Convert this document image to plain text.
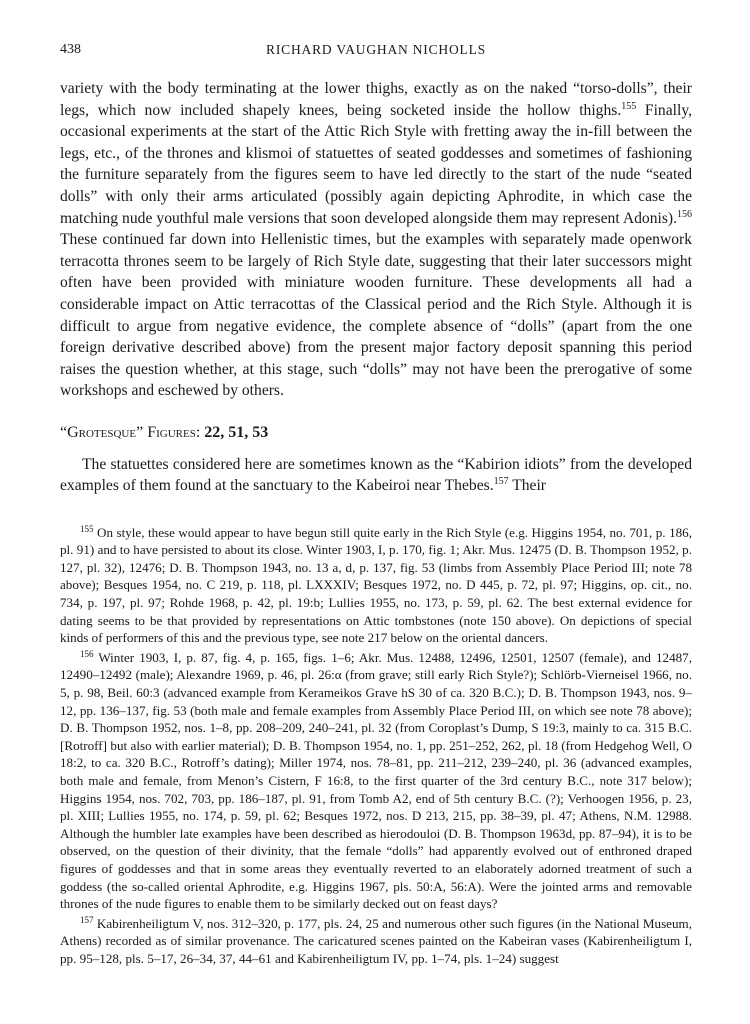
438	RICHARD VAUGHAN NICHOLLS

variety with the body terminating at the lower thighs, exactly as on the naked “torso-dolls”, their legs, which now included shapely knees, being socketed inside the hollow thighs.$^{155}$ Finally, occasional experiments at the start of the Attic Rich Style with fretting away the in-fill between the legs, etc., of the thrones and klismoi of statuettes of seated goddesses and sometimes of fashioning the furniture separately from the figures seem to have led directly to the start of the nude “seated dolls” with only their arms articulated (possibly again depicting Aphrodite, in which case the matching nude youthful male versions that soon developed alongside them may represent Adonis).$^{156}$ These continued far down into Hellenistic times, but the examples with separately made openwork terracotta thrones seem to be largely of Rich Style date, suggesting that their later successors might often have been provided with miniature wooden furniture. These developments all had a considerable impact on Attic terracottas of the Classical period and the Rich Style. Although it is difficult to argue from negative evidence, the complete absence of “dolls” (apart from the one foreign derivative described above) from the present major factory deposit spanning this period raises the question whether, at this stage, such “dolls” may not have been the prerogative of some workshops and eschewed by others.

“Grotesque” Figures: 22, 51, 53

The statuettes considered here are sometimes known as the “Kabirion idiots” from the developed examples of them found at the sanctuary to the Kabeiroi near Thebes.$^{157}$ Their

$^{155}$ On style, these would appear to have begun still quite early in the Rich Style (e.g. Higgins 1954, no. 701, p. 186, pl. 91) and to have persisted to about its close. Winter 1903, I, p. 170, fig. 1; Akr. Mus. 12475 (D. B. Thompson 1952, p. 127, pl. 32), 12476; D. B. Thompson 1943, no. 13 a, d, p. 137, fig. 53 (limbs from Assembly Place Period III; note 78 above); Besques 1954, no. C 219, p. 118, pl. LXXXIV; Besques 1972, no. D 445, p. 72, pl. 97; Higgins, op. cit., no. 734, p. 197, pl. 97; Rohde 1968, p. 42, pl. 19:b; Lullies 1955, no. 173, p. 59, pl. 62. The best external evidence for dating seems to be that provided by representations on Attic tombstones (note 150 above). On depictions of special kinds of performers of this and the previous type, see note 217 below on the oriental dancers.

$^{156}$ Winter 1903, I, p. 87, fig. 4, p. 165, figs. 1–6; Akr. Mus. 12488, 12496, 12501, 12507 (female), and 12487, 12490–12492 (male); Alexandre 1969, p. 46, pl. 26:α (from grave; still early Rich Style?); Schlörb-Vierneisel 1966, no. 5, p. 98, Beil. 60:3 (advanced example from Kerameikos Grave hS 30 of ca. 320 B.C.); D. B. Thompson 1943, nos. 9–12, pp. 136–137, fig. 53 (both male and female examples from Assembly Place Period III, on which see note 78 above); D. B. Thompson 1952, nos. 1–8, pp. 208–209, 240–241, pl. 32 (from Coroplast’s Dump, S 19:3, mainly to ca. 315 B.C. [Rotroff] but also with earlier material); D. B. Thompson 1954, no. 1, pp. 251–252, 262, pl. 18 (from Hedgehog Well, O 18:2, to ca. 320 B.C., Rotroff’s dating); Miller 1974, nos. 78–81, pp. 211–212, 239–240, pl. 36 (advanced examples, both male and female, from Menon’s Cistern, F 16:8, to the first quarter of the 3rd century B.C., note 317 below); Higgins 1954, nos. 702, 703, pp. 186–187, pl. 91, from Tomb A2, end of 5th century B.C. (?); Verhoogen 1956, p. 23, pl. XIII; Lullies 1955, no. 174, p. 59, pl. 62; Besques 1972, nos. D 213, 215, pp. 38–39, pl. 47; Athens, N.M. 12988. Although the humbler late examples have been described as hierodouloi (D. B. Thompson 1963d, pp. 87–94), it is to be observed, on the question of their divinity, that the female “dolls” had apparently evolved out of enthroned draped figures of goddesses and that in some areas they eventually reverted to an elaborately adorned treatment of such a goddess (the so-called oriental Aphrodite, e.g. Higgins 1967, pls. 50:A, 56:A). Were the jointed arms and removable thrones of the nude figures to enable them to be similarly decked out on feast days?

$^{157}$ Kabirenheiligtum V, nos. 312–320, p. 177, pls. 24, 25 and numerous other such figures (in the National Museum, Athens) recorded as of similar provenance. The caricatured scenes painted on the Kabeiran vases (Kabirenheiligtum I, pp. 95–128, pls. 5–17, 26–34, 37, 44–61 and Kabirenheiligtum IV, pp. 1–74, pls. 1–24) suggest
